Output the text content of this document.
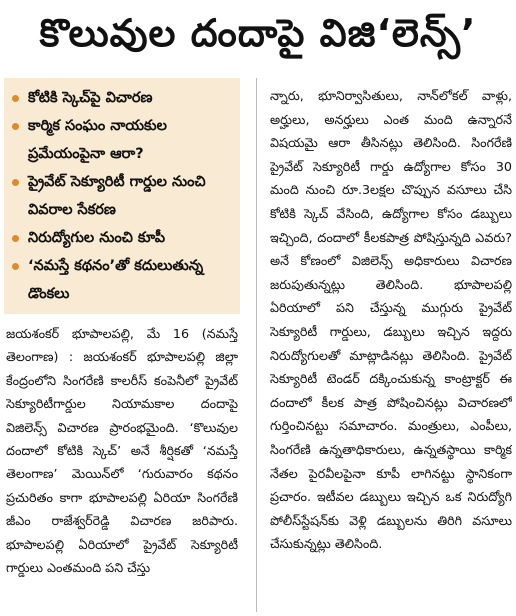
కొలువుల దందాపై విజి‘లెన్స్‌’
కోటికి స్కెచ్‌పై విచారణ
కార్మిక సంఘం నాయకుల ప్రమేయంపైనా ఆరా?
ప్రైవేట్‌ సెక్యూరిటీ గార్డుల నుంచి వివరాల సేకరణ
నిరుద్యోగుల నుంచి కూపీ
‘నమస్తే కథనం’తో కదులుతున్న డొంకలు
జయశంకర్‌ భూపాలపల్లి, మే 16 (నమస్తే తెలంగాణ) : జయశంకర్‌ భూపాలపల్లి జిల్లా కేంద్రంలోని సింగరేణి కాలరీస్‌ కంపెనీలో ప్రైవేట్‌ సెక్యూరిటీగార్డుల నియామకాల దందాపై విజిలెన్స్‌ విచారణ ప్రారంభమైంది. ‘కొలువుల దందాలో కోటికి స్కెచ్‌’ అనే శీర్షికతో ‘నమస్తే తెలంగాణ’ మెయిన్‌లో ‘గురువారం కథనం ప్రచురితం కాగా భూపాలపల్లి ఏరియా సింగరేణి జీఎం రాజేశ్వర్‌రెడ్డి విచారణ జరిపారు. భూపాలపల్లి ఏరియాలో ప్రైవేట్‌ సెక్యూరిటీ గార్డులు ఎంతమంది పని చేస్తు
న్నారు, భూనిర్వాసితులు, నాన్‌లోకల్‌ వాళ్లు, అర్హులు, అనర్హులు ఎంత మంది ఉన్నారనే విషయమై ఆరా తీసినట్లు తెలిసింది. సింగరేణి ప్రైవేట్‌ సెక్యూరిటీ గార్డు ఉద్యోగాల కోసం 30 మంది నుంచి రూ.3లక్షల చొప్పున వసూలు చేసి కోటికి స్కెచ్‌ వేసింది, ఉద్యోగాల కోసం డబ్బులు ఇచ్చింది, దందాలో కీలకపాత్ర పోషిస్తున్నది ఎవరు? అనే కోణంలో విజిలెన్స్‌ అధికారులు విచారణ జరుపుతున్నట్లు తెలిసింది. భూపాలపల్లి ఏరియాలో పని చేస్తున్న ముగ్గురు ప్రైవేట్‌ సెక్యూరిటీ గార్డులు, డబ్బులు ఇచ్చిన ఇద్దరు నిరుద్యోగులతో మాట్లాడినట్లు తెలిసింది. ప్రైవేట్‌ సెక్యూరిటీ టెండర్‌ దక్కించుకున్న కాంట్రాక్టర్‌ ఈ దందాలో కీలక పాత్ర పోషించినట్లు విచారణలో గుర్తించినట్టు సమాచారం. మంత్రులు, ఎంపీలు, సింగరేణి ఉన్నతాధికారులు, ఉన్నతస్థాయి కార్మిక నేతల పైరవీలపైనా కూపీ లాగినట్టు స్థానికంగా ప్రచారం. ఇటీవల డబ్బులు ఇచ్చిన ఒక నిరుద్యోగి పోలీస్‌స్టేషన్‌కు వెళ్లి డబ్బులను తిరిగి వసూలు చేసుకున్నట్లు తెలిసింది.
